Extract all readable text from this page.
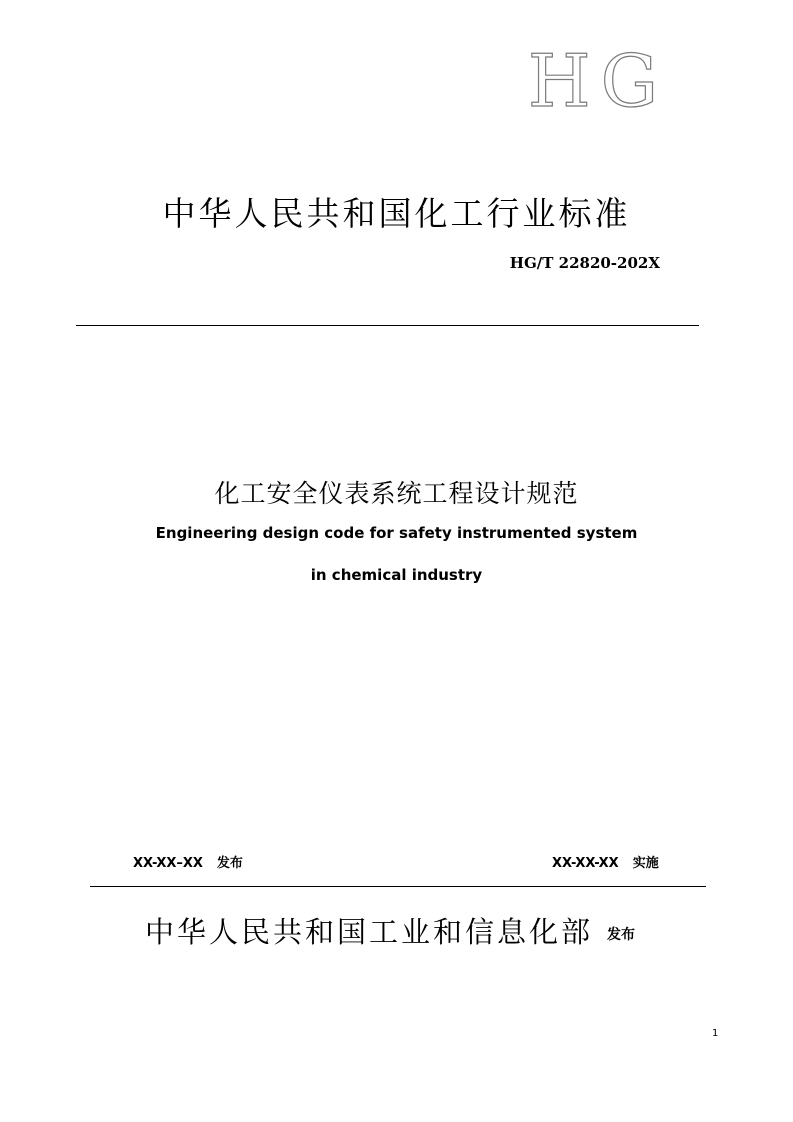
HG
中华人民共和国化工行业标准
HG/T 22820-202X
化工安全仪表系统工程设计规范
Engineering design code for safety instrumented system
in chemical industry
XX-XX–XX 发布	XX-XX-XX 实施
中华人民共和国工业和信息化部 发布
1
